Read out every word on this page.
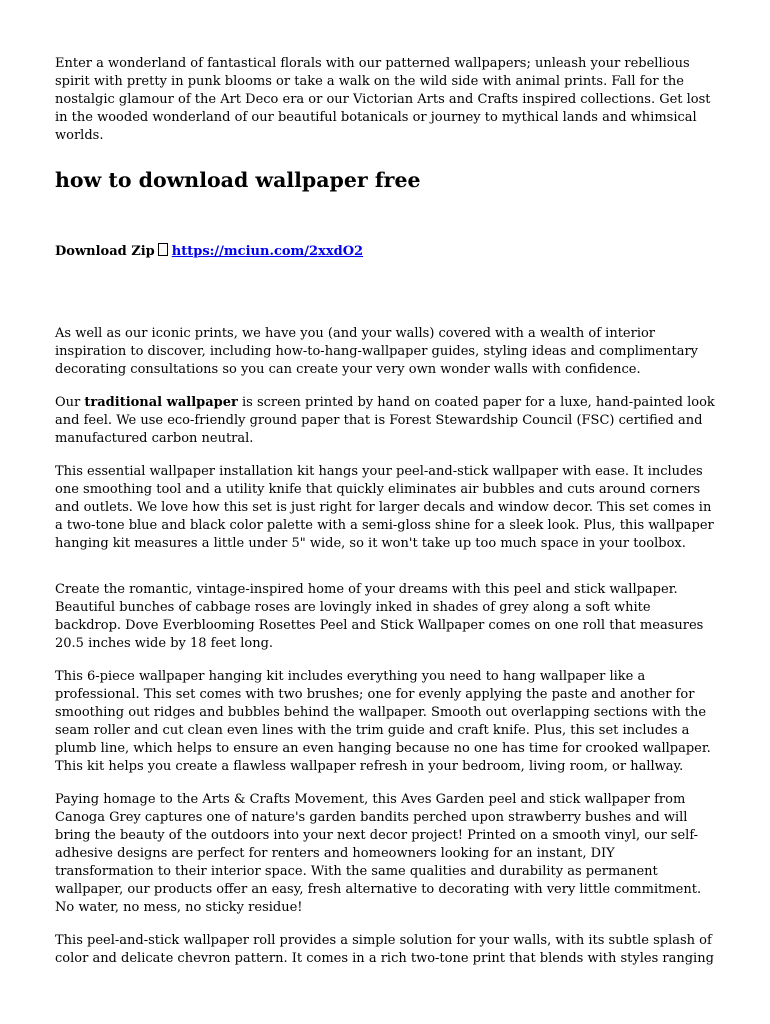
Enter a wonderland of fantastical florals with our patterned wallpapers; unleash your rebellious spirit with pretty in punk blooms or take a walk on the wild side with animal prints. Fall for the nostalgic glamour of the Art Deco era or our Victorian Arts and Crafts inspired collections. Get lost in the wooded wonderland of our beautiful botanicals or journey to mythical lands and whimsical worlds.

how to download wallpaper free
Download Zip https://mciun.com/2xxdO2

As well as our iconic prints, we have you (and your walls) covered with a wealth of interior inspiration to discover, including how-to-hang-wallpaper guides, styling ideas and complimentary decorating consultations so you can create your very own wonder walls with confidence.

Our traditional wallpaper is screen printed by hand on coated paper for a luxe, hand-painted look and feel. We use eco-friendly ground paper that is Forest Stewardship Council (FSC) certified and manufactured carbon neutral.

This essential wallpaper installation kit hangs your peel-and-stick wallpaper with ease. It includes one smoothing tool and a utility knife that quickly eliminates air bubbles and cuts around corners and outlets. We love how this set is just right for larger decals and window decor. This set comes in a two-tone blue and black color palette with a semi-gloss shine for a sleek look. Plus, this wallpaper hanging kit measures a little under 5" wide, so it won't take up too much space in your toolbox.

Create the romantic, vintage-inspired home of your dreams with this peel and stick wallpaper. Beautiful bunches of cabbage roses are lovingly inked in shades of grey along a soft white backdrop. Dove Everblooming Rosettes Peel and Stick Wallpaper comes on one roll that measures 20.5 inches wide by 18 feet long.

This 6-piece wallpaper hanging kit includes everything you need to hang wallpaper like a professional. This set comes with two brushes; one for evenly applying the paste and another for smoothing out ridges and bubbles behind the wallpaper. Smooth out overlapping sections with the seam roller and cut clean even lines with the trim guide and craft knife. Plus, this set includes a plumb line, which helps to ensure an even hanging because no one has time for crooked wallpaper. This kit helps you create a flawless wallpaper refresh in your bedroom, living room, or hallway.

Paying homage to the Arts & Crafts Movement, this Aves Garden peel and stick wallpaper from Canoga Grey captures one of nature's garden bandits perched upon strawberry bushes and will bring the beauty of the outdoors into your next decor project! Printed on a smooth vinyl, our self-adhesive designs are perfect for renters and homeowners looking for an instant, DIY transformation to their interior space. With the same qualities and durability as permanent wallpaper, our products offer an easy, fresh alternative to decorating with very little commitment. No water, no mess, no sticky residue!

This peel-and-stick wallpaper roll provides a simple solution for your walls, with its subtle splash of color and delicate chevron pattern. It comes in a rich two-tone print that blends with styles ranging
